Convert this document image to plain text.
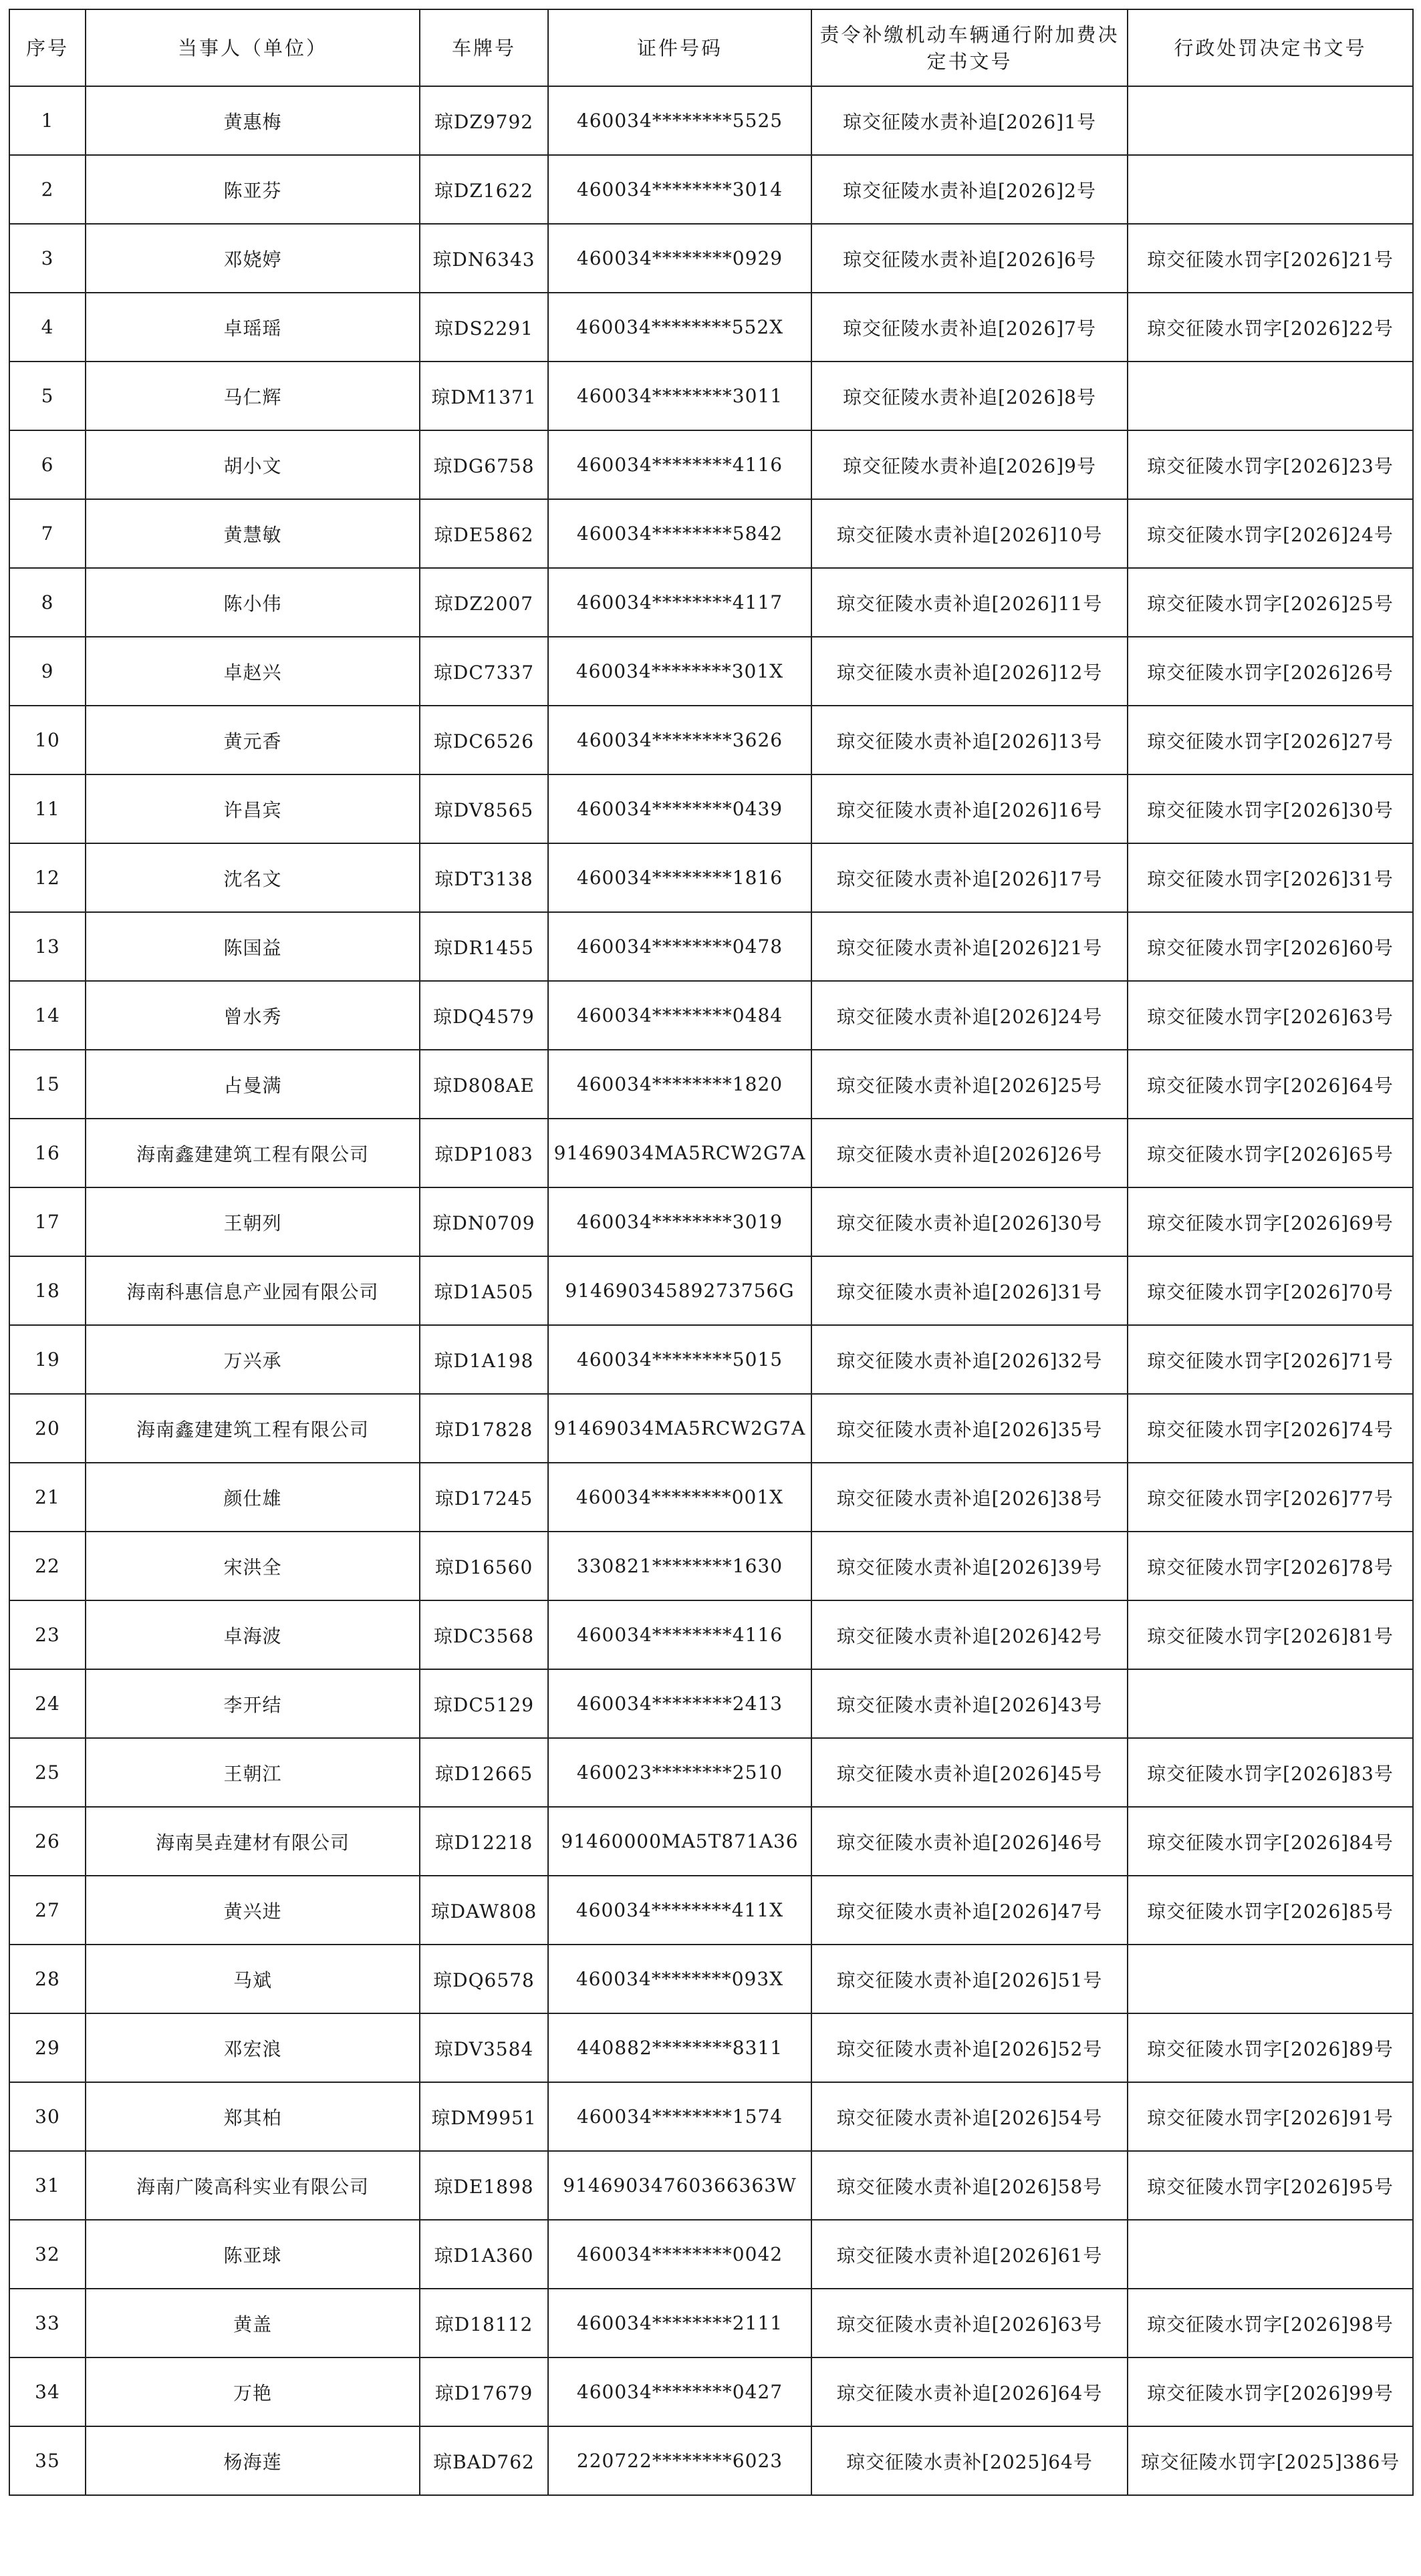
序号	当事人（单位）	车牌号	证件号码	责令补缴机动车辆通行附加费决定书文号	行政处罚决定书文号
1	黄惠梅	琼DZ9792	460034********5525	琼交征陵水责补追[2026]1号	
2	陈亚芬	琼DZ1622	460034********3014	琼交征陵水责补追[2026]2号	
3	邓娆婷	琼DN6343	460034********0929	琼交征陵水责补追[2026]6号	琼交征陵水罚字[2026]21号
4	卓瑶瑶	琼DS2291	460034********552X	琼交征陵水责补追[2026]7号	琼交征陵水罚字[2026]22号
5	马仁辉	琼DM1371	460034********3011	琼交征陵水责补追[2026]8号	
6	胡小文	琼DG6758	460034********4116	琼交征陵水责补追[2026]9号	琼交征陵水罚字[2026]23号
7	黄慧敏	琼DE5862	460034********5842	琼交征陵水责补追[2026]10号	琼交征陵水罚字[2026]24号
8	陈小伟	琼DZ2007	460034********4117	琼交征陵水责补追[2026]11号	琼交征陵水罚字[2026]25号
9	卓赵兴	琼DC7337	460034********301X	琼交征陵水责补追[2026]12号	琼交征陵水罚字[2026]26号
10	黄元香	琼DC6526	460034********3626	琼交征陵水责补追[2026]13号	琼交征陵水罚字[2026]27号
11	许昌宾	琼DV8565	460034********0439	琼交征陵水责补追[2026]16号	琼交征陵水罚字[2026]30号
12	沈名文	琼DT3138	460034********1816	琼交征陵水责补追[2026]17号	琼交征陵水罚字[2026]31号
13	陈国益	琼DR1455	460034********0478	琼交征陵水责补追[2026]21号	琼交征陵水罚字[2026]60号
14	曾水秀	琼DQ4579	460034********0484	琼交征陵水责补追[2026]24号	琼交征陵水罚字[2026]63号
15	占曼满	琼D808AE	460034********1820	琼交征陵水责补追[2026]25号	琼交征陵水罚字[2026]64号
16	海南鑫建建筑工程有限公司	琼DP1083	91469034MA5RCW2G7A	琼交征陵水责补追[2026]26号	琼交征陵水罚字[2026]65号
17	王朝列	琼DN0709	460034********3019	琼交征陵水责补追[2026]30号	琼交征陵水罚字[2026]69号
18	海南科惠信息产业园有限公司	琼D1A505	91469034589273756G	琼交征陵水责补追[2026]31号	琼交征陵水罚字[2026]70号
19	万兴承	琼D1A198	460034********5015	琼交征陵水责补追[2026]32号	琼交征陵水罚字[2026]71号
20	海南鑫建建筑工程有限公司	琼D17828	91469034MA5RCW2G7A	琼交征陵水责补追[2026]35号	琼交征陵水罚字[2026]74号
21	颜仕雄	琼D17245	460034********001X	琼交征陵水责补追[2026]38号	琼交征陵水罚字[2026]77号
22	宋洪全	琼D16560	330821********1630	琼交征陵水责补追[2026]39号	琼交征陵水罚字[2026]78号
23	卓海波	琼DC3568	460034********4116	琼交征陵水责补追[2026]42号	琼交征陵水罚字[2026]81号
24	李开结	琼DC5129	460034********2413	琼交征陵水责补追[2026]43号	
25	王朝江	琼D12665	460023********2510	琼交征陵水责补追[2026]45号	琼交征陵水罚字[2026]83号
26	海南昊垚建材有限公司	琼D12218	91460000MA5T871A36	琼交征陵水责补追[2026]46号	琼交征陵水罚字[2026]84号
27	黄兴进	琼DAW808	460034********411X	琼交征陵水责补追[2026]47号	琼交征陵水罚字[2026]85号
28	马斌	琼DQ6578	460034********093X	琼交征陵水责补追[2026]51号	
29	邓宏浪	琼DV3584	440882********8311	琼交征陵水责补追[2026]52号	琼交征陵水罚字[2026]89号
30	郑其柏	琼DM9951	460034********1574	琼交征陵水责补追[2026]54号	琼交征陵水罚字[2026]91号
31	海南广陵高科实业有限公司	琼DE1898	91469034760366363W	琼交征陵水责补追[2026]58号	琼交征陵水罚字[2026]95号
32	陈亚球	琼D1A360	460034********0042	琼交征陵水责补追[2026]61号	
33	黄盖	琼D18112	460034********2111	琼交征陵水责补追[2026]63号	琼交征陵水罚字[2026]98号
34	万艳	琼D17679	460034********0427	琼交征陵水责补追[2026]64号	琼交征陵水罚字[2026]99号
35	杨海莲	琼BAD762	220722********6023	琼交征陵水责补[2025]64号	琼交征陵水罚字[2025]386号
